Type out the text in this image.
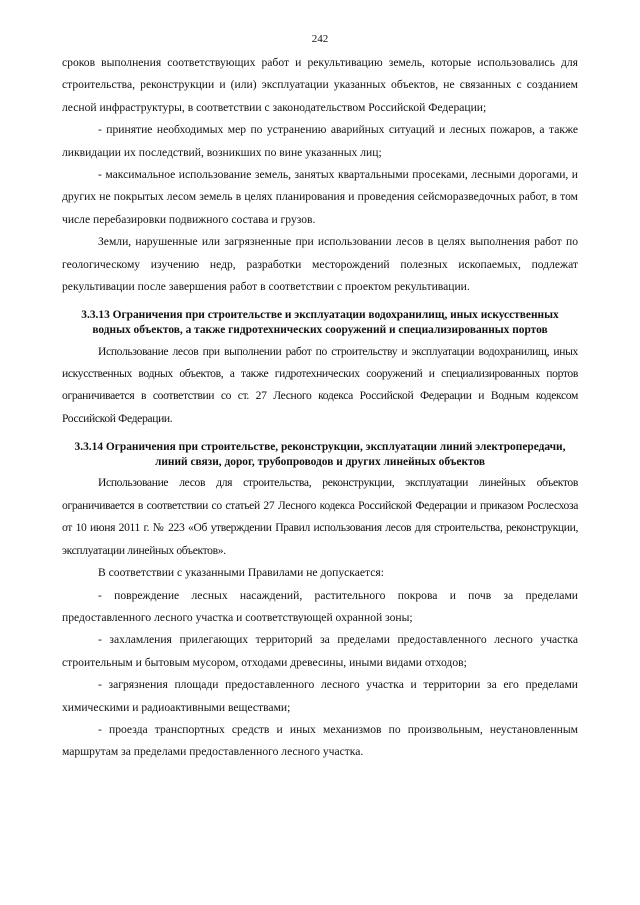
242

сроков выполнения соответствующих работ и рекультивацию земель, которые использовались для строительства, реконструкции и (или) эксплуатации указанных объектов, не связанных с созданием лесной инфраструктуры, в соответствии с законодательством Российской Федерации;

- принятие необходимых мер по устранению аварийных ситуаций и лесных пожаров, а также ликвидации их последствий, возникших по вине указанных лиц;

- максимальное использование земель, занятых квартальными просеками, лесными дорогами, и других не покрытых лесом земель в целях планирования и проведения сейсморазведочных работ, в том числе перебазировки подвижного состава и грузов.

Земли, нарушенные или загрязненные при использовании лесов в целях выполнения работ по геологическому изучению недр, разработки месторождений полезных ископаемых, подлежат рекультивации после завершения работ в соответствии с проектом рекультивации.

3.3.13 Ограничения при строительстве и эксплуатации водохранилищ, иных искусственных водных объектов, а также гидротехнических сооружений и специализированных портов

Использование лесов при выполнении работ по строительству и эксплуатации водохранилищ, иных искусственных водных объектов, а также гидротехнических сооружений и специализированных портов ограничивается в соответствии со ст. 27 Лесного кодекса Российской Федерации и Водным кодексом Российской Федерации.

3.3.14 Ограничения при строительстве, реконструкции, эксплуатации линий электропередачи, линий связи, дорог, трубопроводов и других линейных объектов

Использование лесов для строительства, реконструкции, эксплуатации линейных объектов ограничивается в соответствии со статьей 27 Лесного кодекса Российской Федерации и приказом Рослесхоза от 10 июня 2011 г. № 223 «Об утверждении Правил использования лесов для строительства, реконструкции, эксплуатации линейных объектов».

В соответствии с указанными Правилами не допускается:

- повреждение лесных насаждений, растительного покрова и почв за пределами предоставленного лесного участка и соответствующей охранной зоны;

- захламления прилегающих территорий за пределами предоставленного лесного участка строительным и бытовым мусором, отходами древесины, иными видами отходов;

- загрязнения площади предоставленного лесного участка и территории за его пределами химическими и радиоактивными веществами;

- проезда транспортных средств и иных механизмов по произвольным, неустановленным маршрутам за пределами предоставленного лесного участка.
